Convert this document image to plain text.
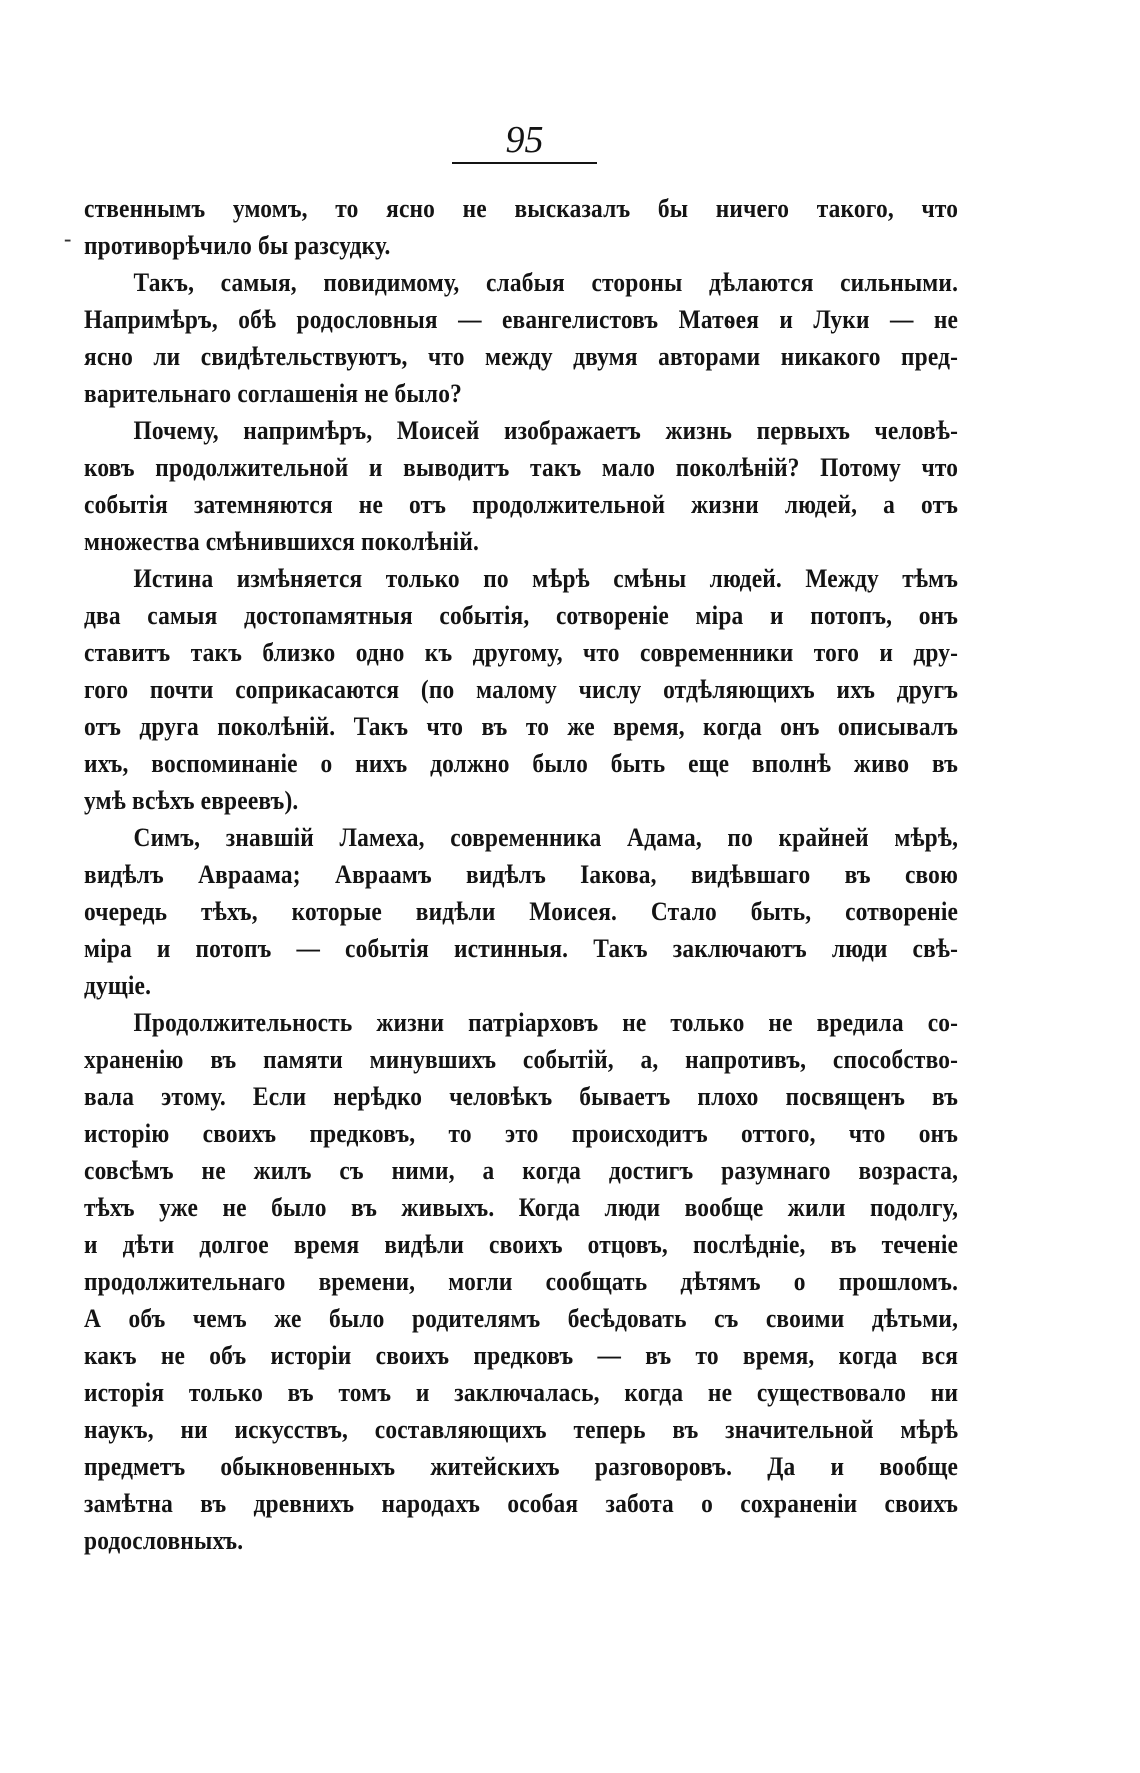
95
-
ственнымъ умомъ, то ясно не высказалъ бы ничего такого, что
противорѣчило бы разсудку.
Такъ, самыя, повидимому, слабыя стороны дѣлаются сильными.
Напримѣръ, обѣ родословныя — евангелистовъ Матѳея и Луки — не
ясно ли свидѣтельствуютъ, что между двумя авторами никакого пред-
варительнаго соглашенія не было?
Почему, напримѣръ, Моисей изображаетъ жизнь первыхъ человѣ-
ковъ продолжительной и выводитъ такъ мало поколѣній? Потому что
событія затемняются не отъ продолжительной жизни людей, а отъ
множества смѣнившихся поколѣній.
Истина измѣняется только по мѣрѣ смѣны людей. Между тѣмъ
два самыя достопамятныя событія, сотвореніе міра и потопъ, онъ
ставитъ такъ близко одно къ другому, что современники того и дру-
гого почти соприкасаются (по малому числу отдѣляющихъ ихъ другъ
отъ друга поколѣній. Такъ что въ то же время, когда онъ описывалъ
ихъ, воспоминаніе о нихъ должно было быть еще вполнѣ живо въ
умѣ всѣхъ евреевъ).
Симъ, знавшій Ламеха, современника Адама, по крайней мѣрѣ,
видѣлъ Авраама; Авраамъ видѣлъ Іакова, видѣвшаго въ свою
очередь тѣхъ, которые видѣли Моисея. Стало быть, сотвореніе
міра и потопъ — событія истинныя. Такъ заключаютъ люди свѣ-
дущіе.
Продолжительность жизни патріарховъ не только не вредила со-
храненію въ памяти минувшихъ событій, а, напротивъ, способство-
вала этому. Если нерѣдко человѣкъ бываетъ плохо посвященъ въ
исторію своихъ предковъ, то это происходитъ оттого, что онъ
совсѣмъ не жилъ съ ними, а когда достигъ разумнаго возраста,
тѣхъ уже не было въ живыхъ. Когда люди вообще жили подолгу,
и дѣти долгое время видѣли своихъ отцовъ, послѣдніе, въ теченіе
продолжительнаго времени, могли сообщать дѣтямъ о прошломъ.
А объ чемъ же было родителямъ бесѣдовать съ своими дѣтьми,
какъ не объ исторіи своихъ предковъ — въ то время, когда вся
исторія только въ томъ и заключалась, когда не существовало ни
наукъ, ни искусствъ, составляющихъ теперь въ значительной мѣрѣ
предметъ обыкновенныхъ житейскихъ разговоровъ. Да и вообще
замѣтна въ древнихъ народахъ особая забота о сохраненіи своихъ
родословныхъ.
